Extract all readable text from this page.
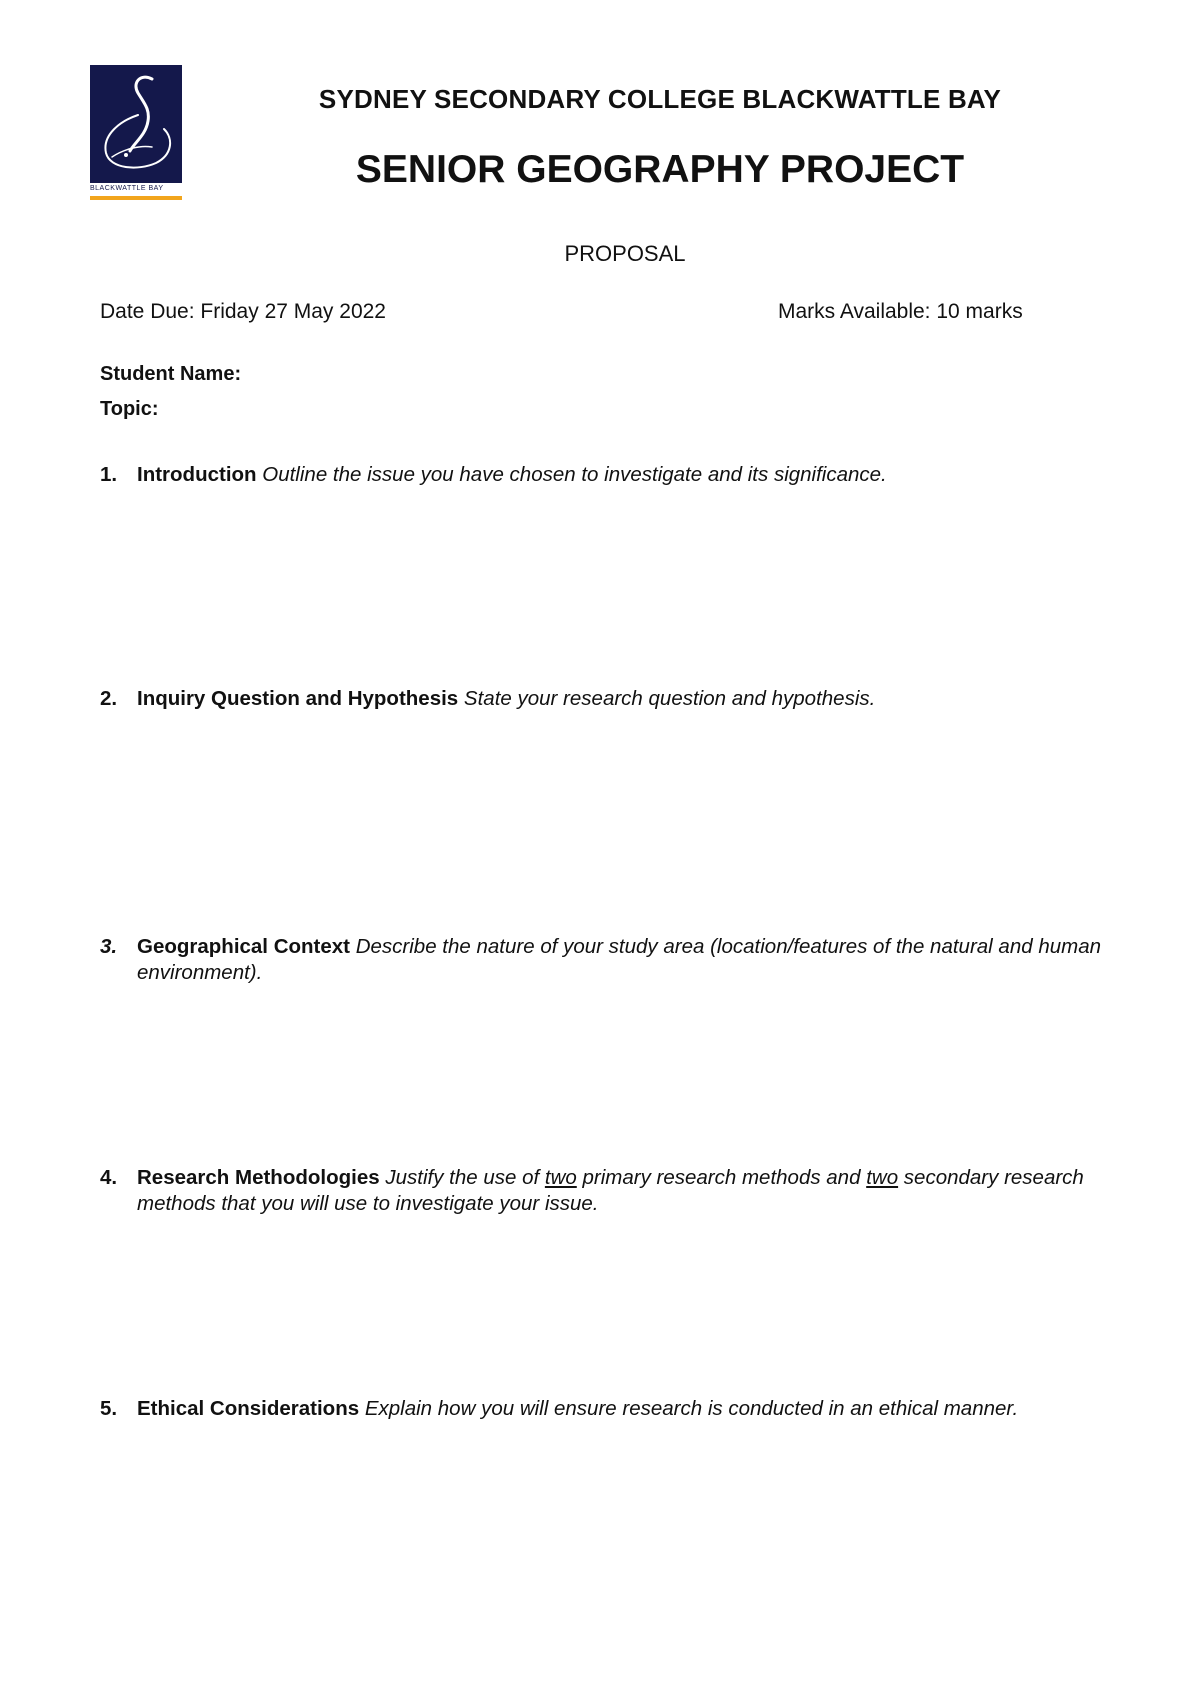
BLACKWATTLE BAY
SYDNEY SECONDARY COLLEGE BLACKWATTLE BAY
SENIOR GEOGRAPHY PROJECT
PROPOSAL
Date Due: Friday 27 May 2022	Marks Available: 10 marks
Student Name:
Topic:
1. Introduction Outline the issue you have chosen to investigate and its significance.
2. Inquiry Question and Hypothesis State your research question and hypothesis.
3. Geographical Context Describe the nature of your study area (location/features of the natural and human environment).
4. Research Methodologies Justify the use of two primary research methods and two secondary research methods that you will use to investigate your issue.
5. Ethical Considerations Explain how you will ensure research is conducted in an ethical manner.
